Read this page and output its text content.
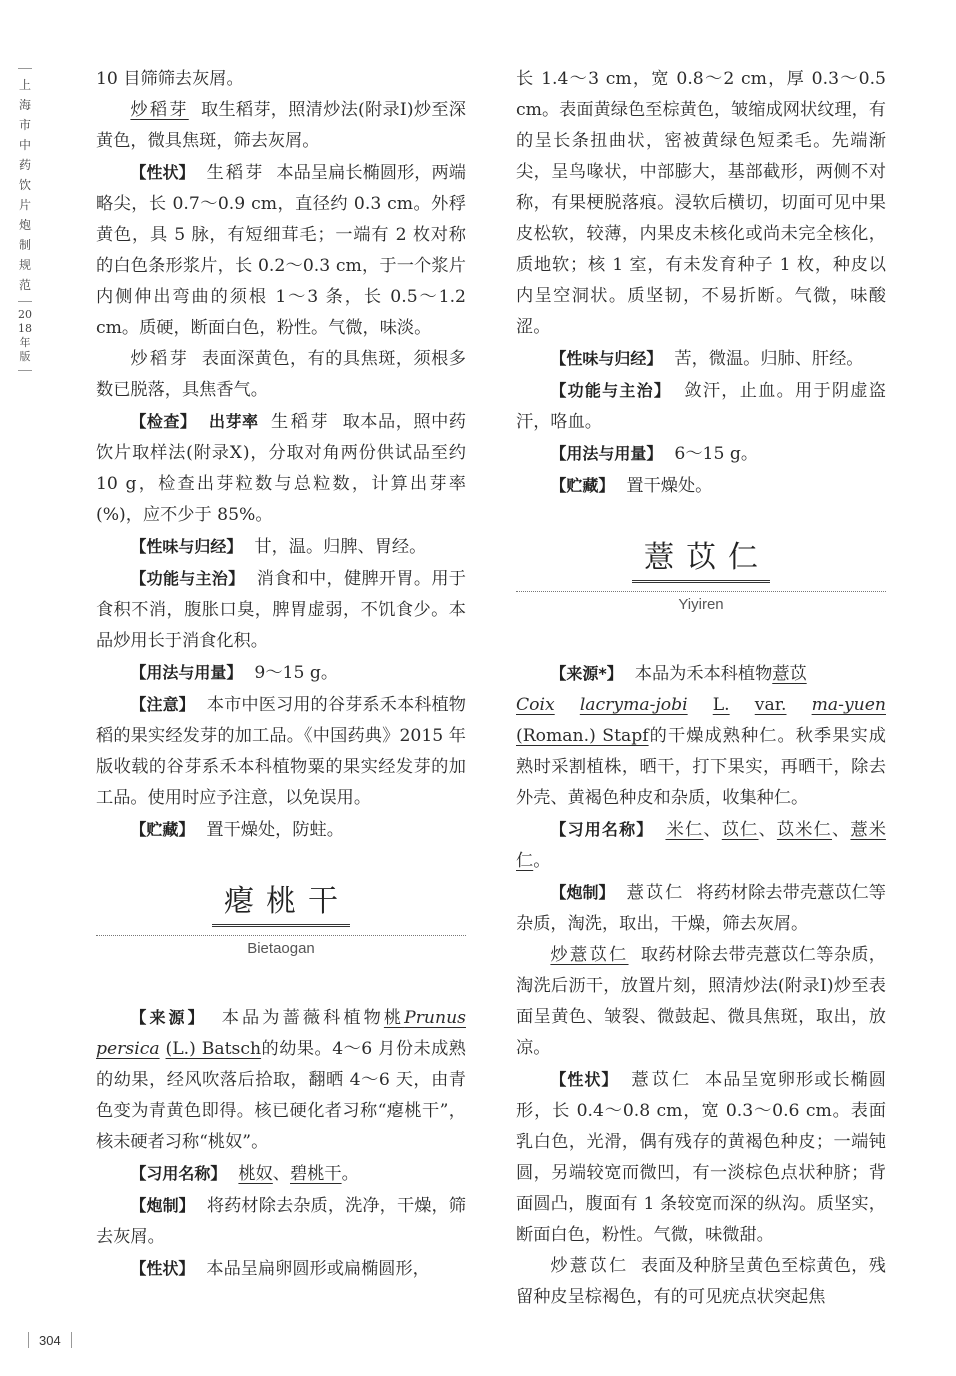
上海市中药饮片炮制规范
2018年版

10 目筛筛去灰屑。

炒稻芽 取生稻芽，照清炒法(附录Ⅰ)炒至深黄色，微具焦斑，筛去灰屑。

【性状】 生稻芽 本品呈扁长椭圆形，两端略尖，长 0.7～0.9 cm，直径约 0.3 cm。外稃黄色，具 5 脉，有短细茸毛；一端有 2 枚对称的白色条形浆片，长 0.2～0.3 cm，于一个浆片内侧伸出弯曲的须根 1～3 条，长 0.5～1.2 cm。质硬，断面白色，粉性。气微，味淡。

炒稻芽 表面深黄色，有的具焦斑，须根多数已脱落，具焦香气。

【检查】 出芽率 生稻芽 取本品，照中药饮片取样法(附录Ⅹ)，分取对角两份供试品至约 10 g，检查出芽粒数与总粒数，计算出芽率(%)，应不少于 85%。

【性味与归经】 甘，温。归脾、胃经。

【功能与主治】 消食和中，健脾开胃。用于食积不消，腹胀口臭，脾胃虚弱，不饥食少。本品炒用长于消食化积。

【用法与用量】 9～15 g。

【注意】 本市中医习用的谷芽系禾本科植物稻的果实经发芽的加工品。《中国药典》2015 年版收载的谷芽系禾本科植物粟的果实经发芽的加工品。使用时应予注意，以免误用。

【贮藏】 置干燥处，防蛀。

瘪桃干
Bietaogan

【来源】 本品为蔷薇科植物桃Prunus persica (L.) Batsch的幼果。4～6 月份未成熟的幼果，经风吹落后拾取，翻晒 4～6 天，由青色变为青黄色即得。核已硬化者习称“瘪桃干”，核未硬者习称“桃奴”。

【习用名称】 桃奴、碧桃干。

【炮制】 将药材除去杂质，洗净，干燥，筛去灰屑。

【性状】 本品呈扁卵圆形或扁椭圆形，

长 1.4～3 cm，宽 0.8～2 cm，厚 0.3～0.5 cm。表面黄绿色至棕黄色，皱缩成网状纹理，有的呈长条扭曲状，密被黄绿色短柔毛。先端渐尖，呈鸟喙状，中部膨大，基部截形，两侧不对称，有果梗脱落痕。浸软后横切，切面可见中果皮松软，较薄，内果皮未核化或尚未完全核化，质地软；核 1 室，有未发育种子 1 枚，种皮以内呈空洞状。质坚韧，不易折断。气微，味酸涩。

【性味与归经】 苦，微温。归肺、肝经。

【功能与主治】 敛汗，止血。用于阴虚盗汗，咯血。

【用法与用量】 6～15 g。

【贮藏】 置干燥处。

薏苡仁
Yiyiren

【来源*】 本品为禾本科植物薏苡

Coix lacryma-jobi L. var. ma-yuen

(Roman.) Stapf的干燥成熟种仁。秋季果实成熟时采割植株，晒干，打下果实，再晒干，除去外壳、黄褐色种皮和杂质，收集种仁。

【习用名称】 米仁、苡仁、苡米仁、薏米仁。

【炮制】 薏苡仁 将药材除去带壳薏苡仁等杂质，淘洗，取出，干燥，筛去灰屑。

炒薏苡仁 取药材除去带壳薏苡仁等杂质，淘洗后沥干，放置片刻，照清炒法(附录Ⅰ)炒至表面呈黄色、皱裂、微鼓起、微具焦斑，取出，放凉。

【性状】 薏苡仁 本品呈宽卵形或长椭圆形，长 0.4～0.8 cm，宽 0.3～0.6 cm。表面乳白色，光滑，偶有残存的黄褐色种皮；一端钝圆，另端较宽而微凹，有一淡棕色点状种脐；背面圆凸，腹面有 1 条较宽而深的纵沟。质坚实，断面白色，粉性。气微，味微甜。

炒薏苡仁 表面及种脐呈黄色至棕黄色，残留种皮呈棕褐色，有的可见疣点状突起焦

304
